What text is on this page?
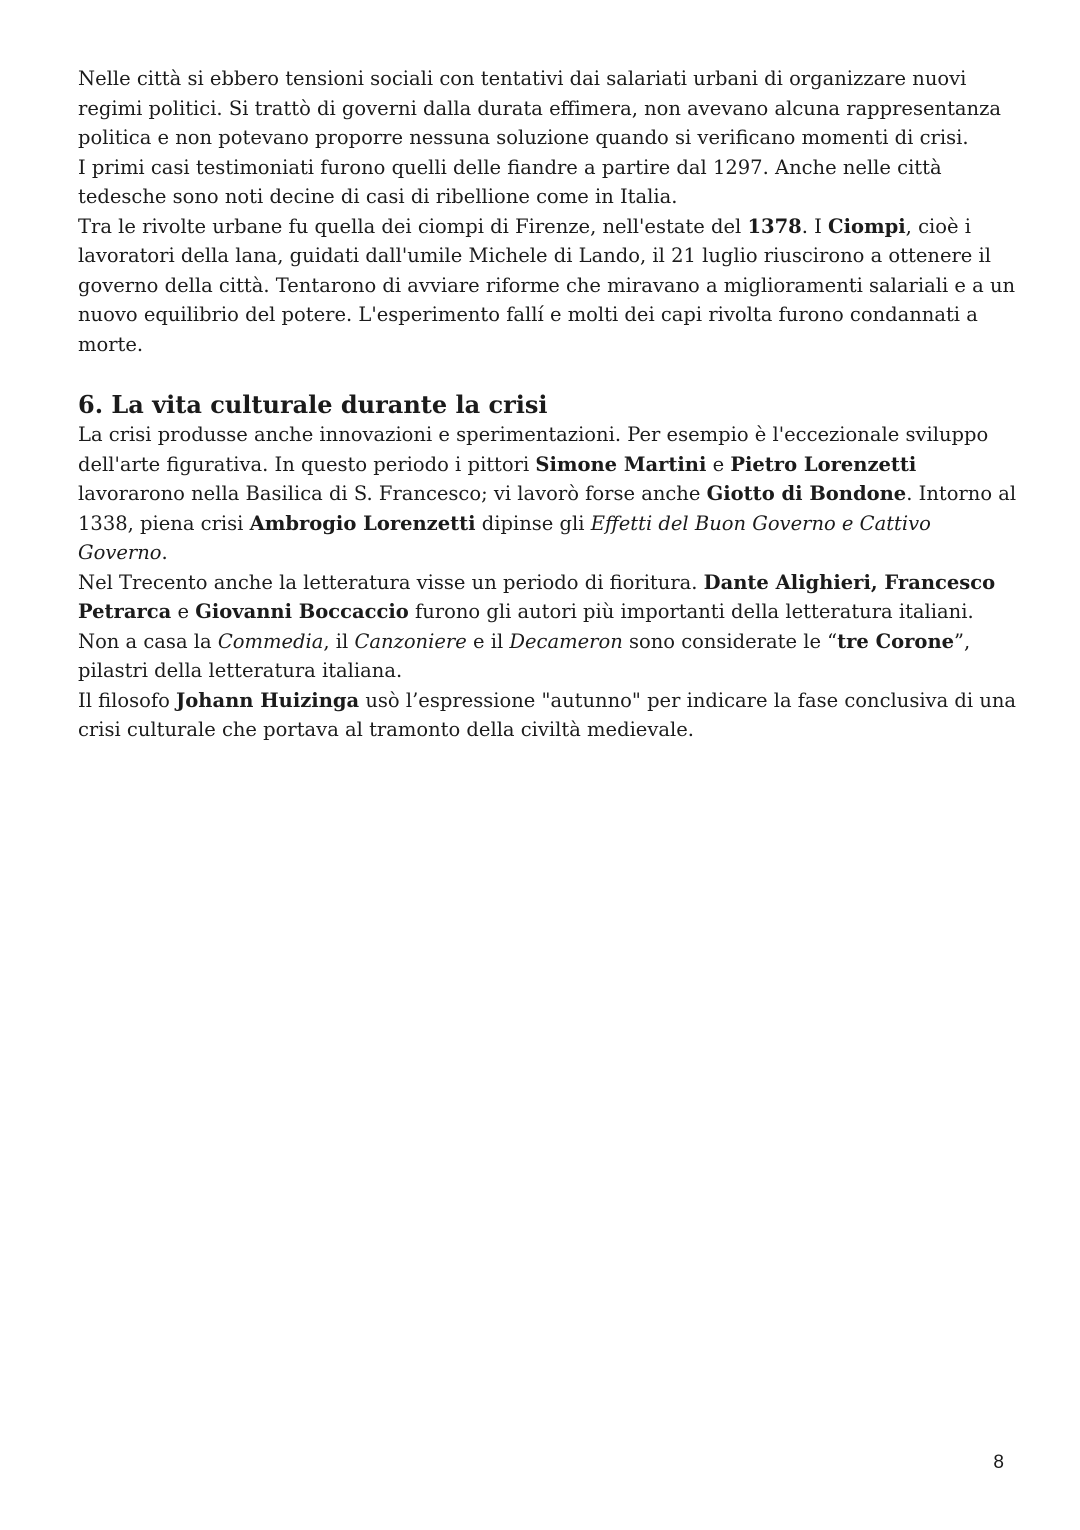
Nelle città si ebbero tensioni sociali con tentativi dai salariati urbani di organizzare nuovi regimi politici. Si trattò di governi dalla durata effimera, non avevano alcuna rappresentanza politica e non potevano proporre nessuna soluzione quando si verificano momenti di crisi.

I primi casi testimoniati furono quelli delle fiandre a partire dal 1297. Anche nelle città tedesche sono noti decine di casi di ribellione come in Italia.

Tra le rivolte urbane fu quella dei ciompi di Firenze, nell'estate del 1378. I Ciompi, cioè i lavoratori della lana, guidati dall'umile Michele di Lando, il 21 luglio riuscirono a ottenere il governo della città. Tentarono di avviare riforme che miravano a miglioramenti salariali e a un nuovo equilibrio del potere. L'esperimento fallí e molti dei capi rivolta furono condannati a morte.

6. La vita culturale durante la crisi

La crisi produsse anche innovazioni e sperimentazioni. Per esempio è l'eccezionale sviluppo dell'arte figurativa. In questo periodo i pittori Simone Martini e Pietro Lorenzetti lavorarono nella Basilica di S. Francesco; vi lavorò forse anche Giotto di Bondone. Intorno al 1338, piena crisi Ambrogio Lorenzetti dipinse gli Effetti del Buon Governo e Cattivo Governo.

Nel Trecento anche la letteratura visse un periodo di fioritura. Dante Alighieri, Francesco Petrarca e Giovanni Boccaccio furono gli autori più importanti della letteratura italiani. Non a casa la Commedia, il Canzoniere e il Decameron sono considerate le “tre Corone”, pilastri della letteratura italiana.

Il filosofo Johann Huizinga usò l’espressione "autunno" per indicare la fase conclusiva di una crisi culturale che portava al tramonto della civiltà medievale.

8
